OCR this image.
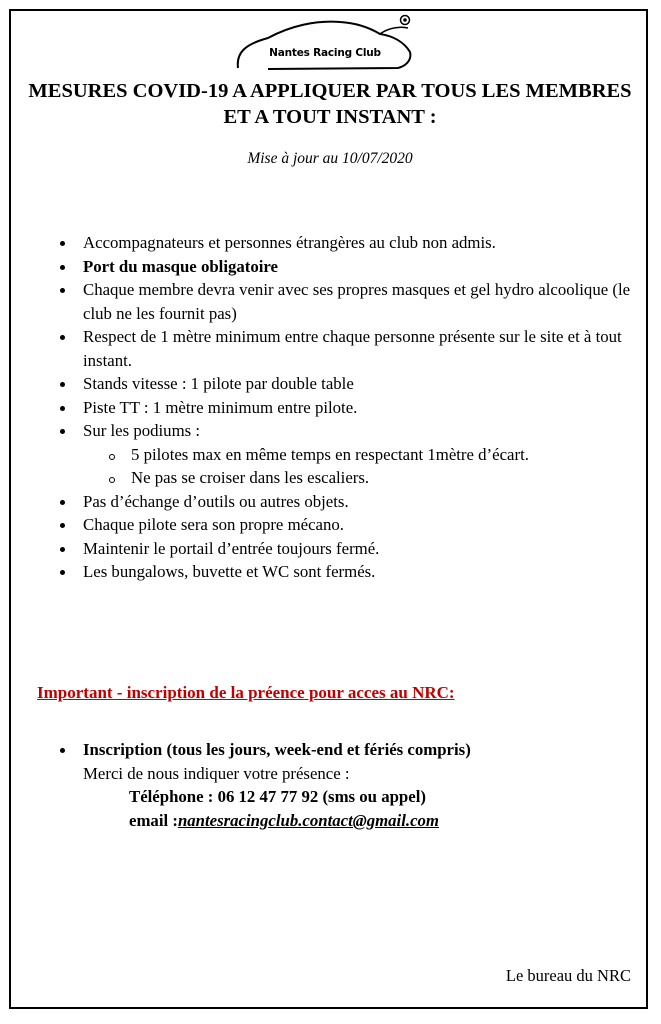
Nantes Racing Club
MESURES COVID-19 A APPLIQUER PAR TOUS LES MEMBRES ET A TOUT INSTANT :
Mise à jour au 10/07/2020
Accompagnateurs et personnes étrangères au club non admis.
Port du masque obligatoire
Chaque membre devra venir avec ses propres masques et gel hydro alcoolique (le club ne les fournit pas)
Respect de 1 mètre minimum entre chaque personne présente sur le site et à tout instant.
Stands vitesse : 1 pilote par double table
Piste TT : 1 mètre minimum entre pilote.
Sur les podiums :
5 pilotes max en même temps en respectant 1mètre d’écart.
Ne pas se croiser dans les escaliers.
Pas d’échange d’outils ou autres objets.
Chaque pilote sera son propre mécano.
Maintenir le portail d’entrée toujours fermé.
Les bungalows, buvette et WC sont fermés.
Important - inscription de la préence pour acces au NRC:
Inscription (tous les jours, week-end et fériés compris)
Merci de nous indiquer votre présence :
Téléphone : 06 12 47 77 92 (sms ou appel)
email :nantesracingclub.contact@gmail.com
Le bureau du NRC
